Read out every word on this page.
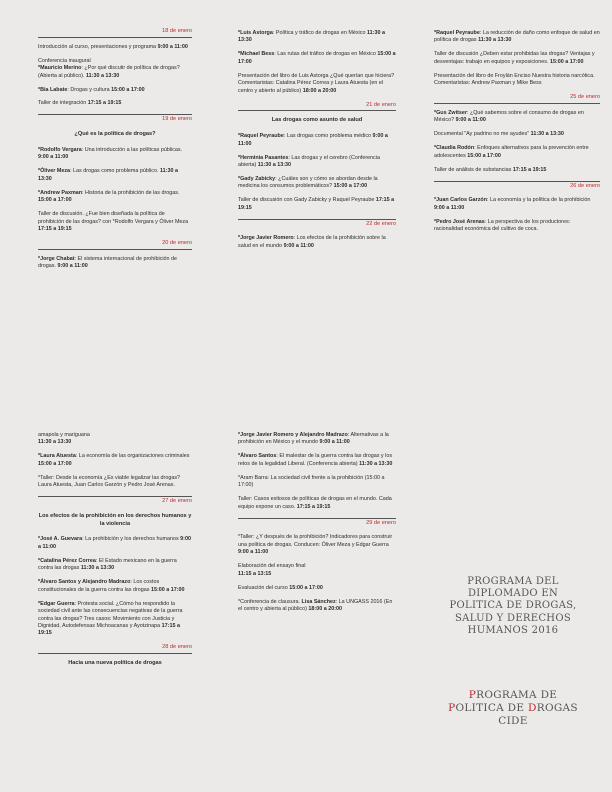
18 de enero
Introducción al curso, presentaciones y programa 9:00 a 11:00
Conferencia inaugural
*Mauricio Merino: ¿Por qué discutir de política de drogas? (Abierta al público). 11:30 a 13:30
*Bia Labate: Drogas y cultura 15:00 a 17:00
Taller de integración 17:15 a 19:15
19 de enero
¿Qué es la política de drogas?
*Rodolfo Vergara: Una introducción a las políticas públicas. 9:00 a 11:00
*Óliver Meza: Las drogas como problema público. 11:30 a 13:30
*Andrew Paxman: Historia de la prohibición de las drogas. 15:00 a 17:00
Taller de discusión. ¿Fue bien diseñada la política de prohibición de las drogas? con *Rodolfo Vergara y Óliver Meza 17:15 a 19:15
20 de enero
*Jorge Chabat: El sistema internacional de prohibición de drogas. 9:00 a 11:00
*Luis Astorga: Política y tráfico de drogas en México 11:30 a 13:30
*Michael Bess: Las rutas del tráfico de drogas en México 15:00 a 17:00
Presentación del libro de Luis Astorga ¿Qué querían que hiciera? Comentaristas: Catalina Pérez Correa y Laura Atuesta (en el centro y abierto al público) 18:00 a 20:00
21 de enero
Las drogas como asunto de salud
*Raquel Peyraube: Las drogas como problema médico 9:00 a 11:00
*Herminia Pasantes: Las drogas y el cerebro (Conferencia abierta) 11:30 a 13:30
*Gady Zabicky: ¿Cuáles son y cómo se abordan desde la medicina los consumos problemáticos? 15:00 a 17:00
Taller de discusión con Gady Zabicky y Raquel Peyraube 17:15 a 19:15
22 de enero
*Jorge Javier Romero: Los efectos de la prohibición sobre la salud en el mundo 9:00 a 11:00
*Raquel Peyraube: La reducción de daño como enfoque de salud en política de drogas 11:30 a 13:30
Taller de discusión ¿Deben estar prohibidas las drogas? Ventajas y desventajas: trabajo en equipos y exposiciones. 15:00 a 17:00
Presentación del libro de Froylán Enciso Nuestra historia narcótica. Comentaristas: Andrew Paxman y Mike Bess
25 de enero
*Gus Zwitser: ¿Qué sabemos sobre el consumo de drogas en México? 9:00 a 11:00
Documental "Ay padrino no me ayudes" 11:30 a 13:30
*Claudia Rodón: Enfoques alternativos para la prevención entre adolescentes 15:00 a 17:00
Taller de análisis de substancias 17:15 a 19:15
26 de enero
*Juan Carlos Garzón: La economía y la política de la prohibición 9:00 a 11:00
*Pedro José Arenas: La perspectiva de los productores: racionalidad económica del cultivo de coca.
amapola y mariguana
11:30 a 13:30
*Laura Atuesta: La economía de las organizaciones criminales 15:00 a 17:00
*Taller: Desde la economía ¿Es viable legalizar las drogas? Laura Atuesta, Juan Carlos Garzón y Pedro José Arenas.
27 de enero
Los efectos de la prohibición en los derechos humanos y la violencia
*José A. Guevara: La prohibición y los derechos humanos 9:00 a 11:00
*Catalina Pérez Correa: El Estado mexicano en la guerra contra las drogas 11:30 a 13:30
*Álvaro Santos y Alejandro Madrazo: Los costos constitucionales de la guerra contra las drogas 15:00 a 17:00
*Edgar Guerra: Protesta social. ¿Cómo ha respondido la sociedad civil ante las consecuencias negativas de la guerra contra las drogas? Tres casos: Movimiento con Justicia y Dignidad, Autodefensas Michoacanas y Ayotzinapa 17:15 a 19:15
28 de enero
Hacia una nueva política de drogas
*Jorge Javier Romero y Alejandro Madrazo: Alternativas a la prohibición en México y el mundo 9:00 a 11:00
*Álvaro Santos: El malestar de la guerra contra las drogas y los retos de la legalidad Liberal. (Conferencia abierta) 11:30 a 13:30
*Aram Barra: La sociedad civil frente a la prohibición (15:00 a 17:00)
Taller: Casos exitosos de políticas de drogas en el mundo. Cada equipo expone un caso. 17:15 a 19:15
29 de enero
*Taller: ¿Y después de la prohibición? Indicadores para construir una política de drogas. Conducen: Óliver Meza y Edgar Guerra 9:00 a 11:00
Elaboración del ensayo final
11:15 a 13:15
Evaluación del curso 15:00 a 17:00
*Conferencia de clausura. Lisa Sánchez: La UNGASS 2016 (En el centro y abierta al público) 18:00 a 20:00
PROGRAMA DEL
DIPLOMADO EN
POLITICA DE DROGAS,
SALUD Y DERECHOS
HUMANOS 2016
PROGRAMA DE
POLITICA DE DROGAS
CIDE
